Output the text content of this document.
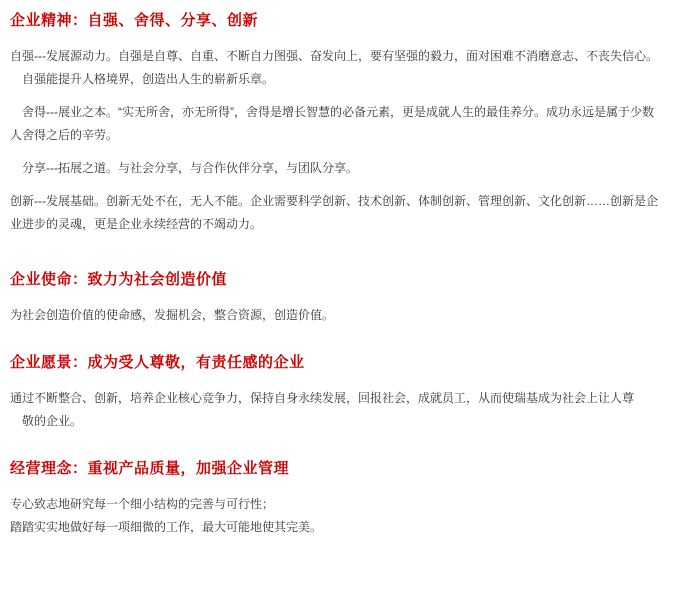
企业精神：自强、舍得、分享、创新

自强---发展源动力。自强是自尊、自重、不断自力图强、奋发向上，要有坚强的毅力，面对困难不消磨意志、不丧失信心。

自强能提升人格境界，创造出人生的崭新乐章。

舍得---展业之本。“实无所舍，亦无所得”，舍得是增长智慧的必备元素，更是成就人生的最佳养分。成功永远是属于少数

人舍得之后的辛劳。

分享---拓展之道。与社会分享，与合作伙伴分享，与团队分享。

创新---发展基础。创新无处不在，无人不能。企业需要科学创新、技术创新、体制创新、管理创新、文化创新……创新是企

业进步的灵魂，更是企业永续经营的不竭动力。

企业使命：致力为社会创造价值

为社会创造价值的使命感，发掘机会，整合资源，创造价值。

企业愿景：成为受人尊敬，有责任感的企业

通过不断整合、创新，培养企业核心竞争力，保持自身永续发展，回报社会，成就员工，从而使瑞基成为社会上让人尊

敬的企业。

经营理念：重视产品质量，加强企业管理

专心致志地研究每一个细小结构的完善与可行性；

踏踏实实地做好每一项细微的工作，最大可能地使其完美。
